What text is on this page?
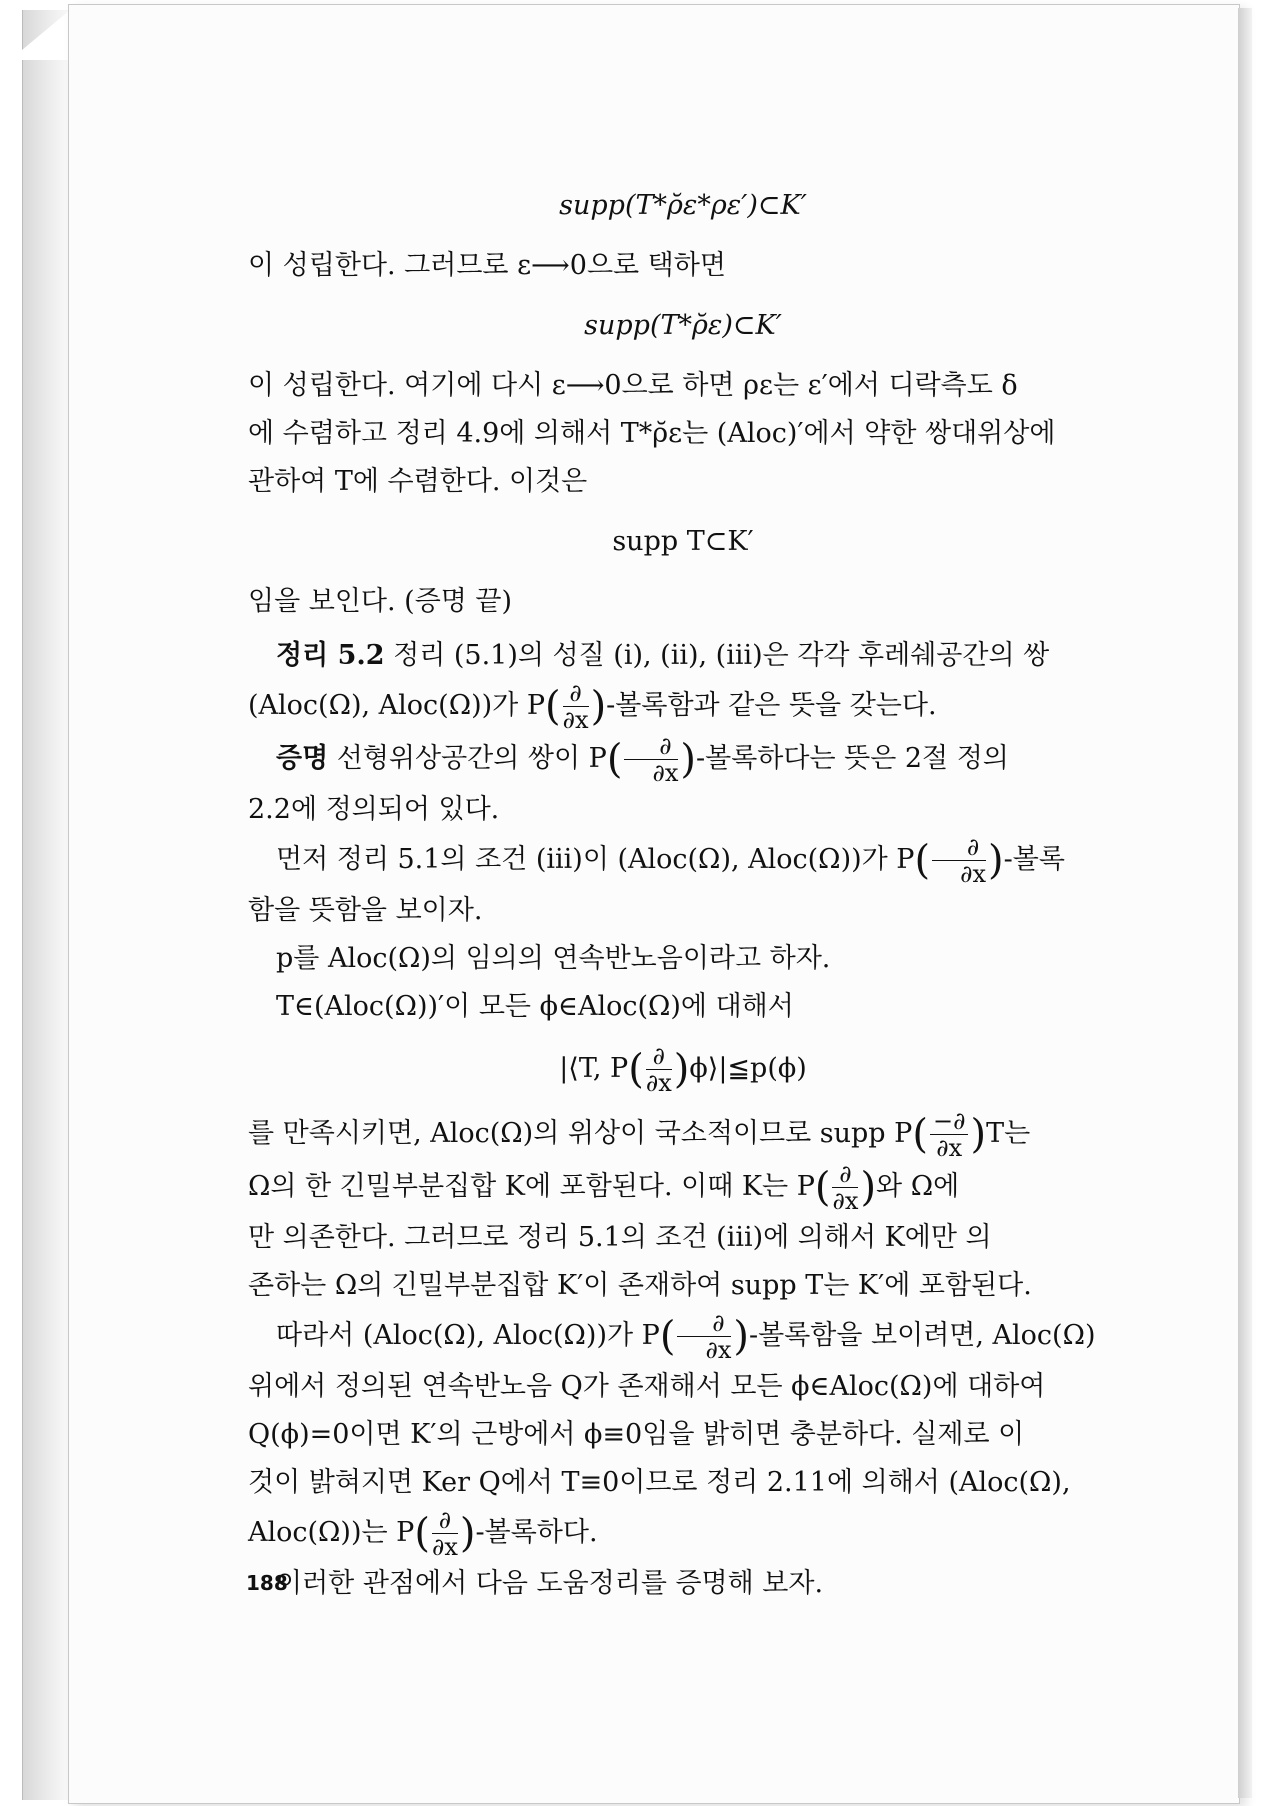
supp(T*ρ̆ε*ρε′)⊂K′
이 성립한다. 그러므로 ε⟶0으로 택하면
supp(T*ρ̆ε)⊂K′
이 성립한다. 여기에 다시 ε⟶0으로 하면 ρε는 ε′에서 디락측도 δ
에 수렴하고 정리 4.9에 의해서 T*ρ̆ε는 (Aloc)′에서 약한 쌍대위상에
관하여 T에 수렴한다. 이것은
supp T⊂K′
임을 보인다. (증명 끝)
정리 5.2 정리 (5.1)의 성질 (i), (ii), (iii)은 각각 후레쉐공간의 쌍
(Aloc(Ω), Aloc(Ω))가 $P( \frac{\partial}{\partial x}$ )-볼록함과 같은 뜻을 갖는다.
증명 선형위상공간의 쌍이 $P( \frac{\partial}{\partial x}$ )-볼록하다는 뜻은 2절 정의
2.2에 정의되어 있다.
먼저 정리 5.1의 조건 (iii)이 (Aloc(Ω), Aloc(Ω))가 $P( \frac{\partial}{\partial x}$ )-볼록
함을 뜻함을 보이자.
p를 Aloc(Ω)의 임의의 연속반노음이라고 하자.
T∈(Aloc(Ω))′이 모든 ϕ∈Aloc(Ω)에 대해서
|⟨T, $P( \frac{\partial}{\partial x}$ )ϕ⟩|≦p(ϕ)
를 만족시키면, Aloc(Ω)의 위상이 국소적이므로 supp $P( \frac{-\partial}{\partial x} )T$는
Ω의 한 긴밀부분집합 K에 포함된다. 이때 K는 $P( \frac{\partial}{\partial x}$ )와 Ω에
만 의존한다. 그러므로 정리 5.1의 조건 (iii)에 의해서 K에만 의
존하는 Ω의 긴밀부분집합 K′이 존재하여 supp T는 K′에 포함된다.
따라서 (Aloc(Ω), Aloc(Ω))가 $P( \frac{\partial}{\partial x}$ )-볼록함을 보이려면, Aloc(Ω)
위에서 정의된 연속반노음 Q가 존재해서 모든 ϕ∈Aloc(Ω)에 대하여
Q(ϕ)=0이면 K′의 근방에서 ϕ≡0임을 밝히면 충분하다. 실제로 이
것이 밝혀지면 Ker Q에서 T≡0이므로 정리 2.11에 의해서 (Aloc(Ω),
Aloc(Ω))는 $P( \frac{\partial}{\partial x}$ )-볼록하다.
이러한 관점에서 다음 도움정리를 증명해 보자.
188
